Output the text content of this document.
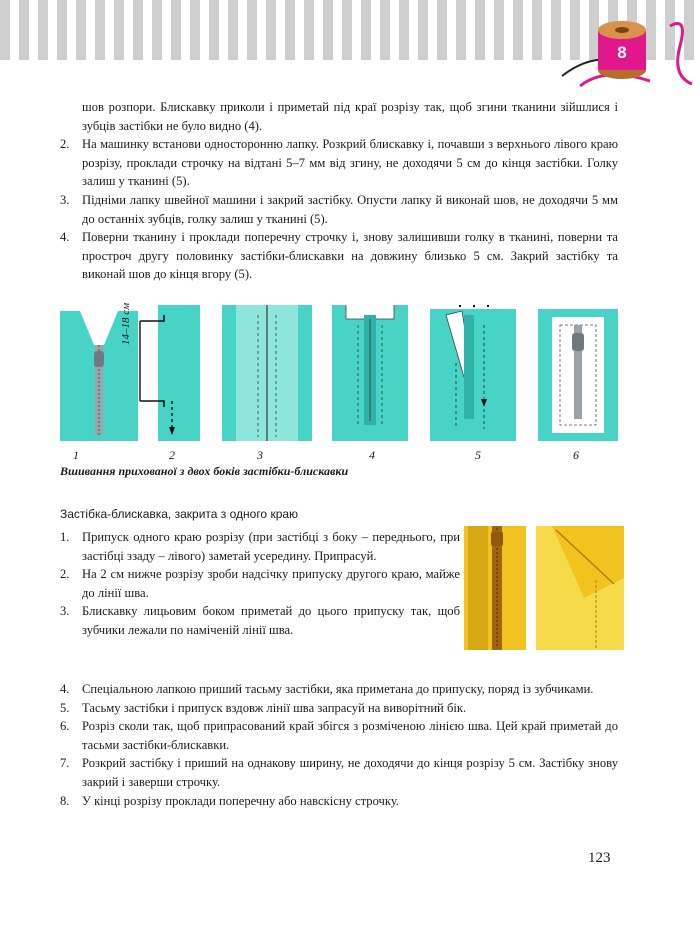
8
шов розпори. Блискавку приколи і приметай під краї розрізу так, щоб згини тканини зійшлися і зубців застібки не було видно (4).
2. На машинку встанови односторонню лапку. Розкрий блискавку і, почавши з верхнього лівого краю розрізу, проклади строчку на відтані 5–7 мм від згину, не доходячи 5 см до кінця застібки. Голку залиш у тканині (5).
3. Підніми лапку швейної машини і закрий застібку. Опусти лапку й виконай шов, не доходячи 5 мм до останніх зубців, голку залиш у тканині (5).
4. Поверни тканину і проклади поперечну строчку і, знову залишивши голку в тканині, поверни та простроч другу половинку застібки-блискавки на довжину близько 5 см. Закрий застібку та виконай шов до кінця вгору (5).
1	2	3	4	5	6
14–18 см
Вшивання прихованої з двох боків застібки-блискавки
Застібка-блискавка, закрита з одного краю
1. Припуск одного краю розрізу (при застібці з боку – переднього, при застібці ззаду – лівого) заметай усередину. Припрасуй.
2. На 2 см нижче розрізу зроби надсічку припуску другого краю, майже до лінії шва.
3. Блискавку лицьовим боком приметай до цього припуску так, щоб зубчики лежали по наміченій лінії шва.
4. Спеціальною лапкою приший тасьму застібки, яка приметана до припуску, поряд із зубчиками.
5. Тасьму застібки і припуск вздовж лінії шва запрасуй на виворітний бік.
6. Розріз сколи так, щоб припрасований край збігся з розміченою лінією шва. Цей край приметай до тасьми застібки-блискавки.
7. Розкрий застібку і приший на однакову ширину, не доходячи до кінця розрізу 5 см. Застібку знову закрий і заверши строчку.
8. У кінці розрізу проклади поперечну або навскісну строчку.
123
